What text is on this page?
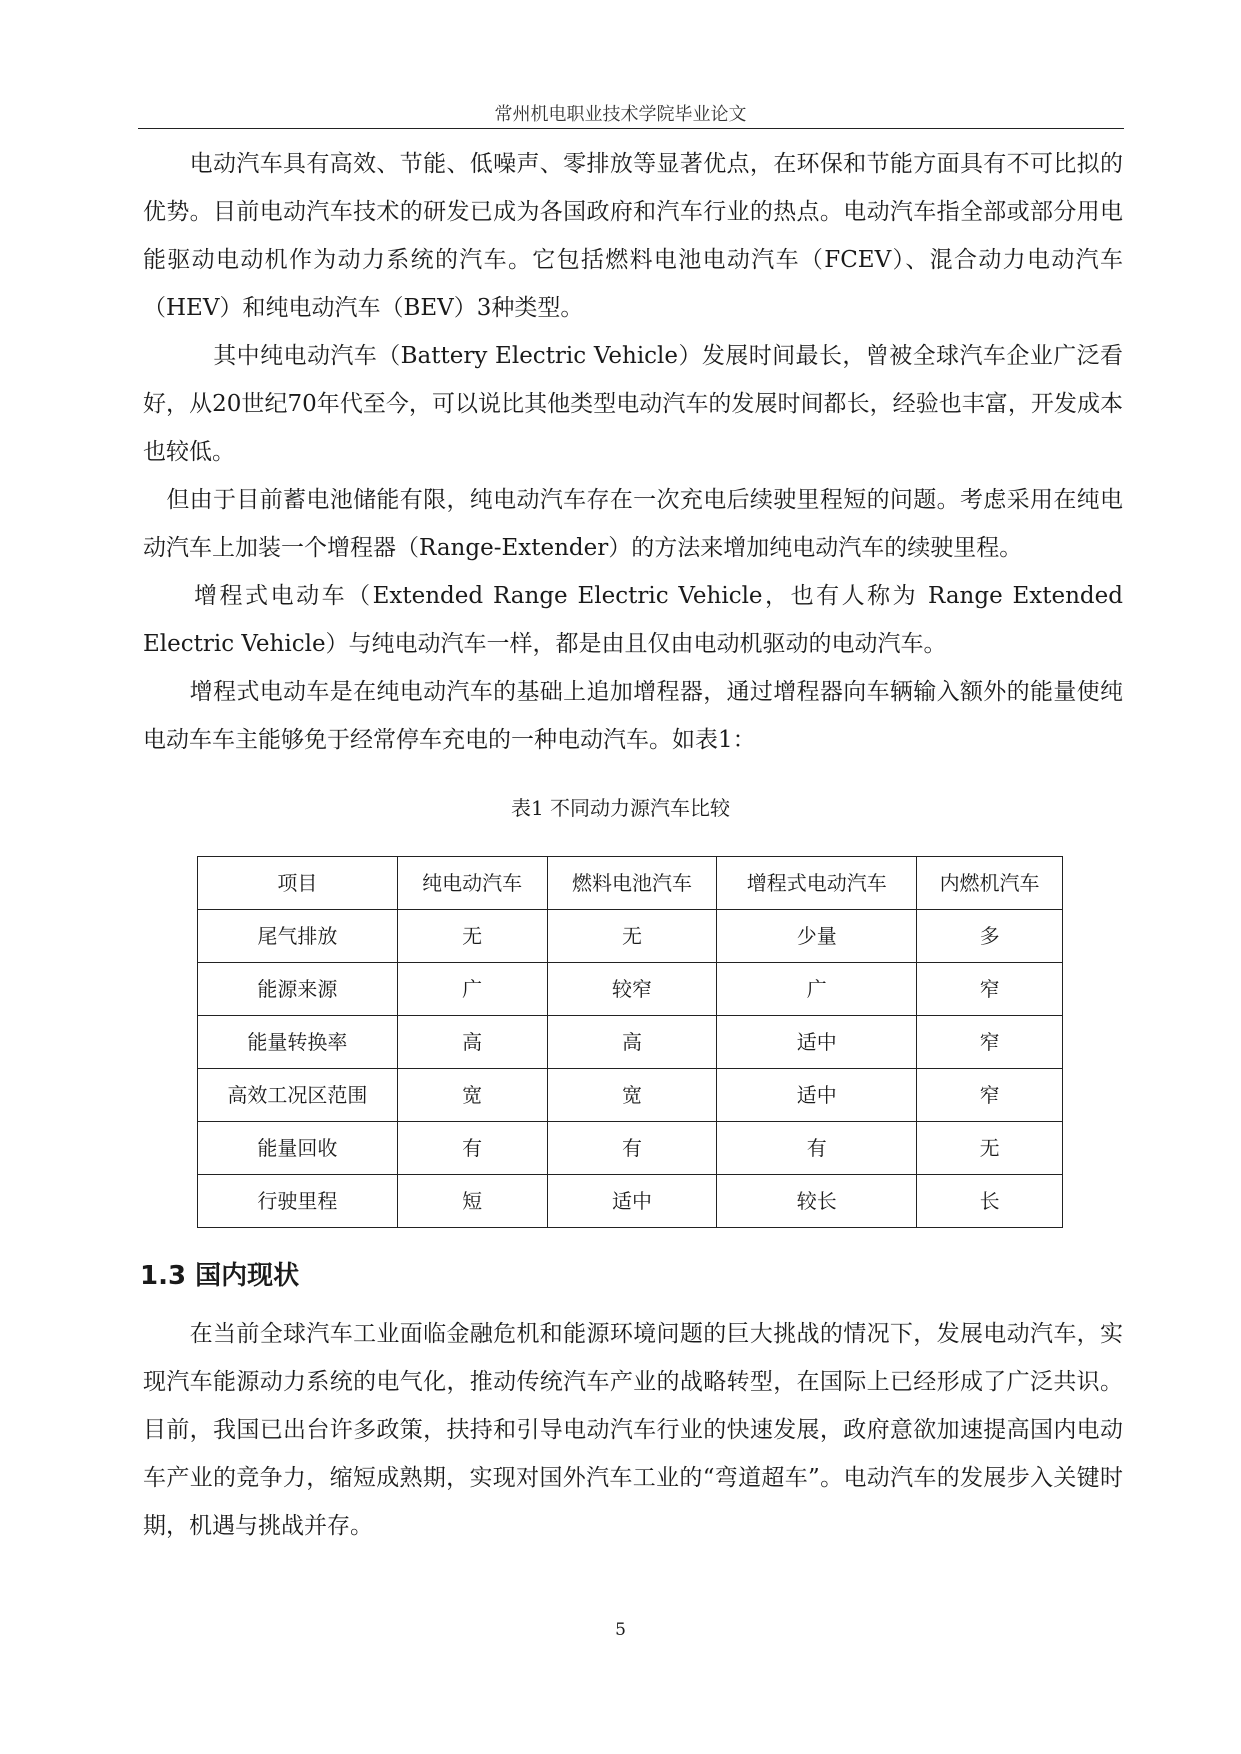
常州机电职业技术学院毕业论文

　　电动汽车具有高效、节能、低噪声、零排放等显著优点，在环保和节能方面具有不可比拟的优势。目前电动汽车技术的研发已成为各国政府和汽车行业的热点。电动汽车指全部或部分用电能驱动电动机作为动力系统的汽车。它包括燃料电池电动汽车（FCEV）、混合动力电动汽车（HEV）和纯电动汽车（BEV）3种类型。

　　　其中纯电动汽车（Battery Electric Vehicle）发展时间最长，曾被全球汽车企业广泛看好，从20世纪70年代至今，可以说比其他类型电动汽车的发展时间都长，经验也丰富，开发成本也较低。

　但由于目前蓄电池储能有限，纯电动汽车存在一次充电后续驶里程短的问题。考虑采用在纯电动汽车上加装一个增程器（Range-Extender）的方法来增加纯电动汽车的续驶里程。

　　增程式电动车（Extended Range Electric Vehicle，也有人称为 Range Extended Electric Vehicle）与纯电动汽车一样，都是由且仅由电动机驱动的电动汽车。

　　增程式电动车是在纯电动汽车的基础上追加增程器，通过增程器向车辆输入额外的能量使纯电动车车主能够免于经常停车充电的一种电动汽车。如表1：

表1 不同动力源汽车比较
项目	纯电动汽车	燃料电池汽车	增程式电动汽车	内燃机汽车
尾气排放	无	无	少量	多
能源来源	广	较窄	广	窄
能量转换率	高	高	适中	窄
高效工况区范围	宽	宽	适中	窄
能量回收	有	有	有	无
行驶里程	短	适中	较长	长
1.3 国内现状

　　在当前全球汽车工业面临金融危机和能源环境问题的巨大挑战的情况下，发展电动汽车，实现汽车能源动力系统的电气化，推动传统汽车产业的战略转型，在国际上已经形成了广泛共识。目前，我国已出台许多政策，扶持和引导电动汽车行业的快速发展，政府意欲加速提高国内电动车产业的竞争力，缩短成熟期，实现对国外汽车工业的“弯道超车”。电动汽车的发展步入关键时期，机遇与挑战并存。

5
